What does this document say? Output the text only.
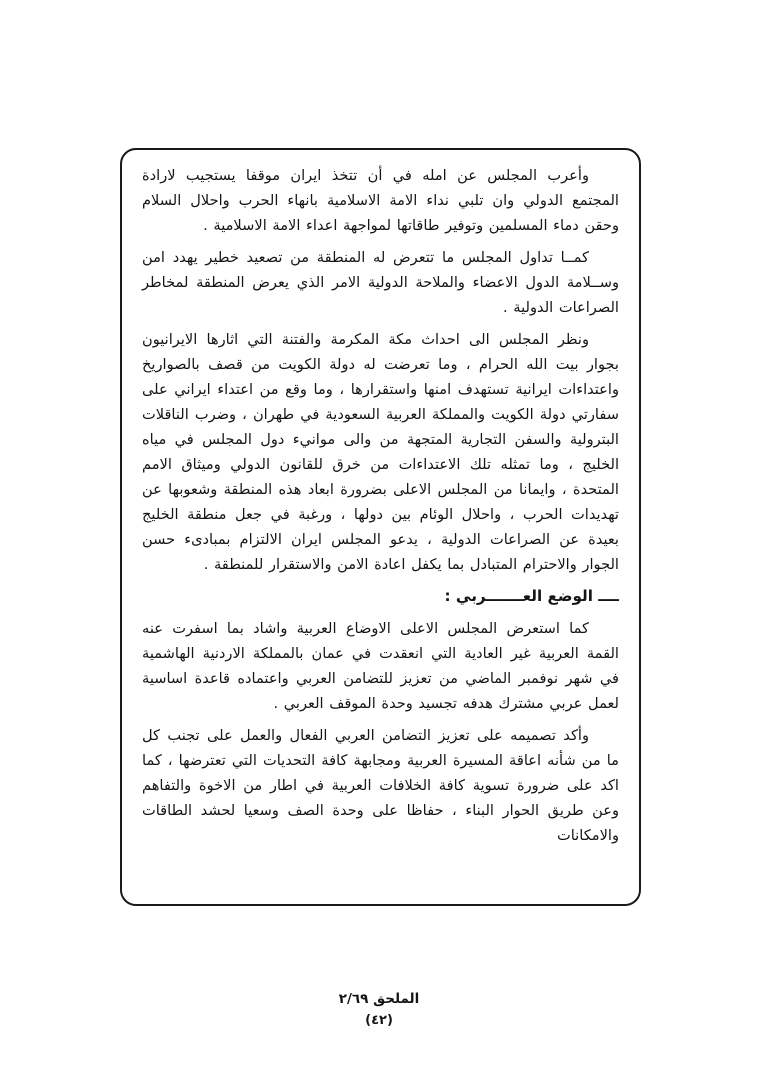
وأعرب المجلس عن امله في أن تتخذ ايران موقفا يستجيب لارادة المجتمع الدولي وان تلبي نداء الامة الاسلامية بانهاء الحرب واحلال السلام وحقن دماء المسلمين وتوفير طاقاتها لمواجهة اعداء الامة الاسلامية .

كمــا تداول المجلس ما تتعرض له المنطقة من تصعيد خطير يهدد امن وســلامة الدول الاعضاء والملاحة الدولية الامر الذي يعرض المنطقة لمخاطر الصراعات الدولية .

ونظر المجلس الى احداث مكة المكرمة والفتنة التي اثارها الايرانيون بجوار بيت الله الحرام ، وما تعرضت له دولة الكويت من قصف بالصواريخ واعتداءات ايرانية تستهدف امنها واستقرارها ، وما وقع من اعتداء ايراني على سفارتي دولة الكويت والمملكة العربية السعودية في طهران ، وضرب الناقلات البترولية والسفن التجارية المتجهة من والى موانيء دول المجلس في مياه الخليج ، وما تمثله تلك الاعتداءات من خرق للقانون الدولي وميثاق الامم المتحدة ، وايمانا من المجلس الاعلى بضرورة ابعاد هذه المنطقة وشعوبها عن تهديدات الحرب ، واحلال الوئام بين دولها ، ورغبة في جعل منطقة الخليج بعيدة عن الصراعات الدولية ، يدعو المجلس ايران الالتزام بمبادىء حسن الجوار والاحترام المتبادل بما يكفل اعادة الامن والاستقرار للمنطقة .

ــــ الوضع العـــــــربي :

كما استعرض المجلس الاعلى الاوضاع العربية واشاد بما اسفرت عنه القمة العربية غير العادية التي انعقدت في عمان بالمملكة الاردنية الهاشمية في شهر نوفمبر الماضي من تعزيز للتضامن العربي واعتماده قاعدة اساسية لعمل عربي مشترك هدفه تجسيد وحدة الموقف العربي .

وأكد تصميمه على تعزيز التضامن العربي الفعال والعمل على تجنب كل ما من شأنه اعاقة المسيرة العربية ومجابهة كافة التحديات التي تعترضها ، كما اكد على ضرورة تسوية كافة الخلافات العربية في اطار من الاخوة والتفاهم وعن طريق الحوار البناء ، حفاظا على وحدة الصف وسعيا لحشد الطاقات والامكانات

الملحق ٢/٦٩
(٤٢)
